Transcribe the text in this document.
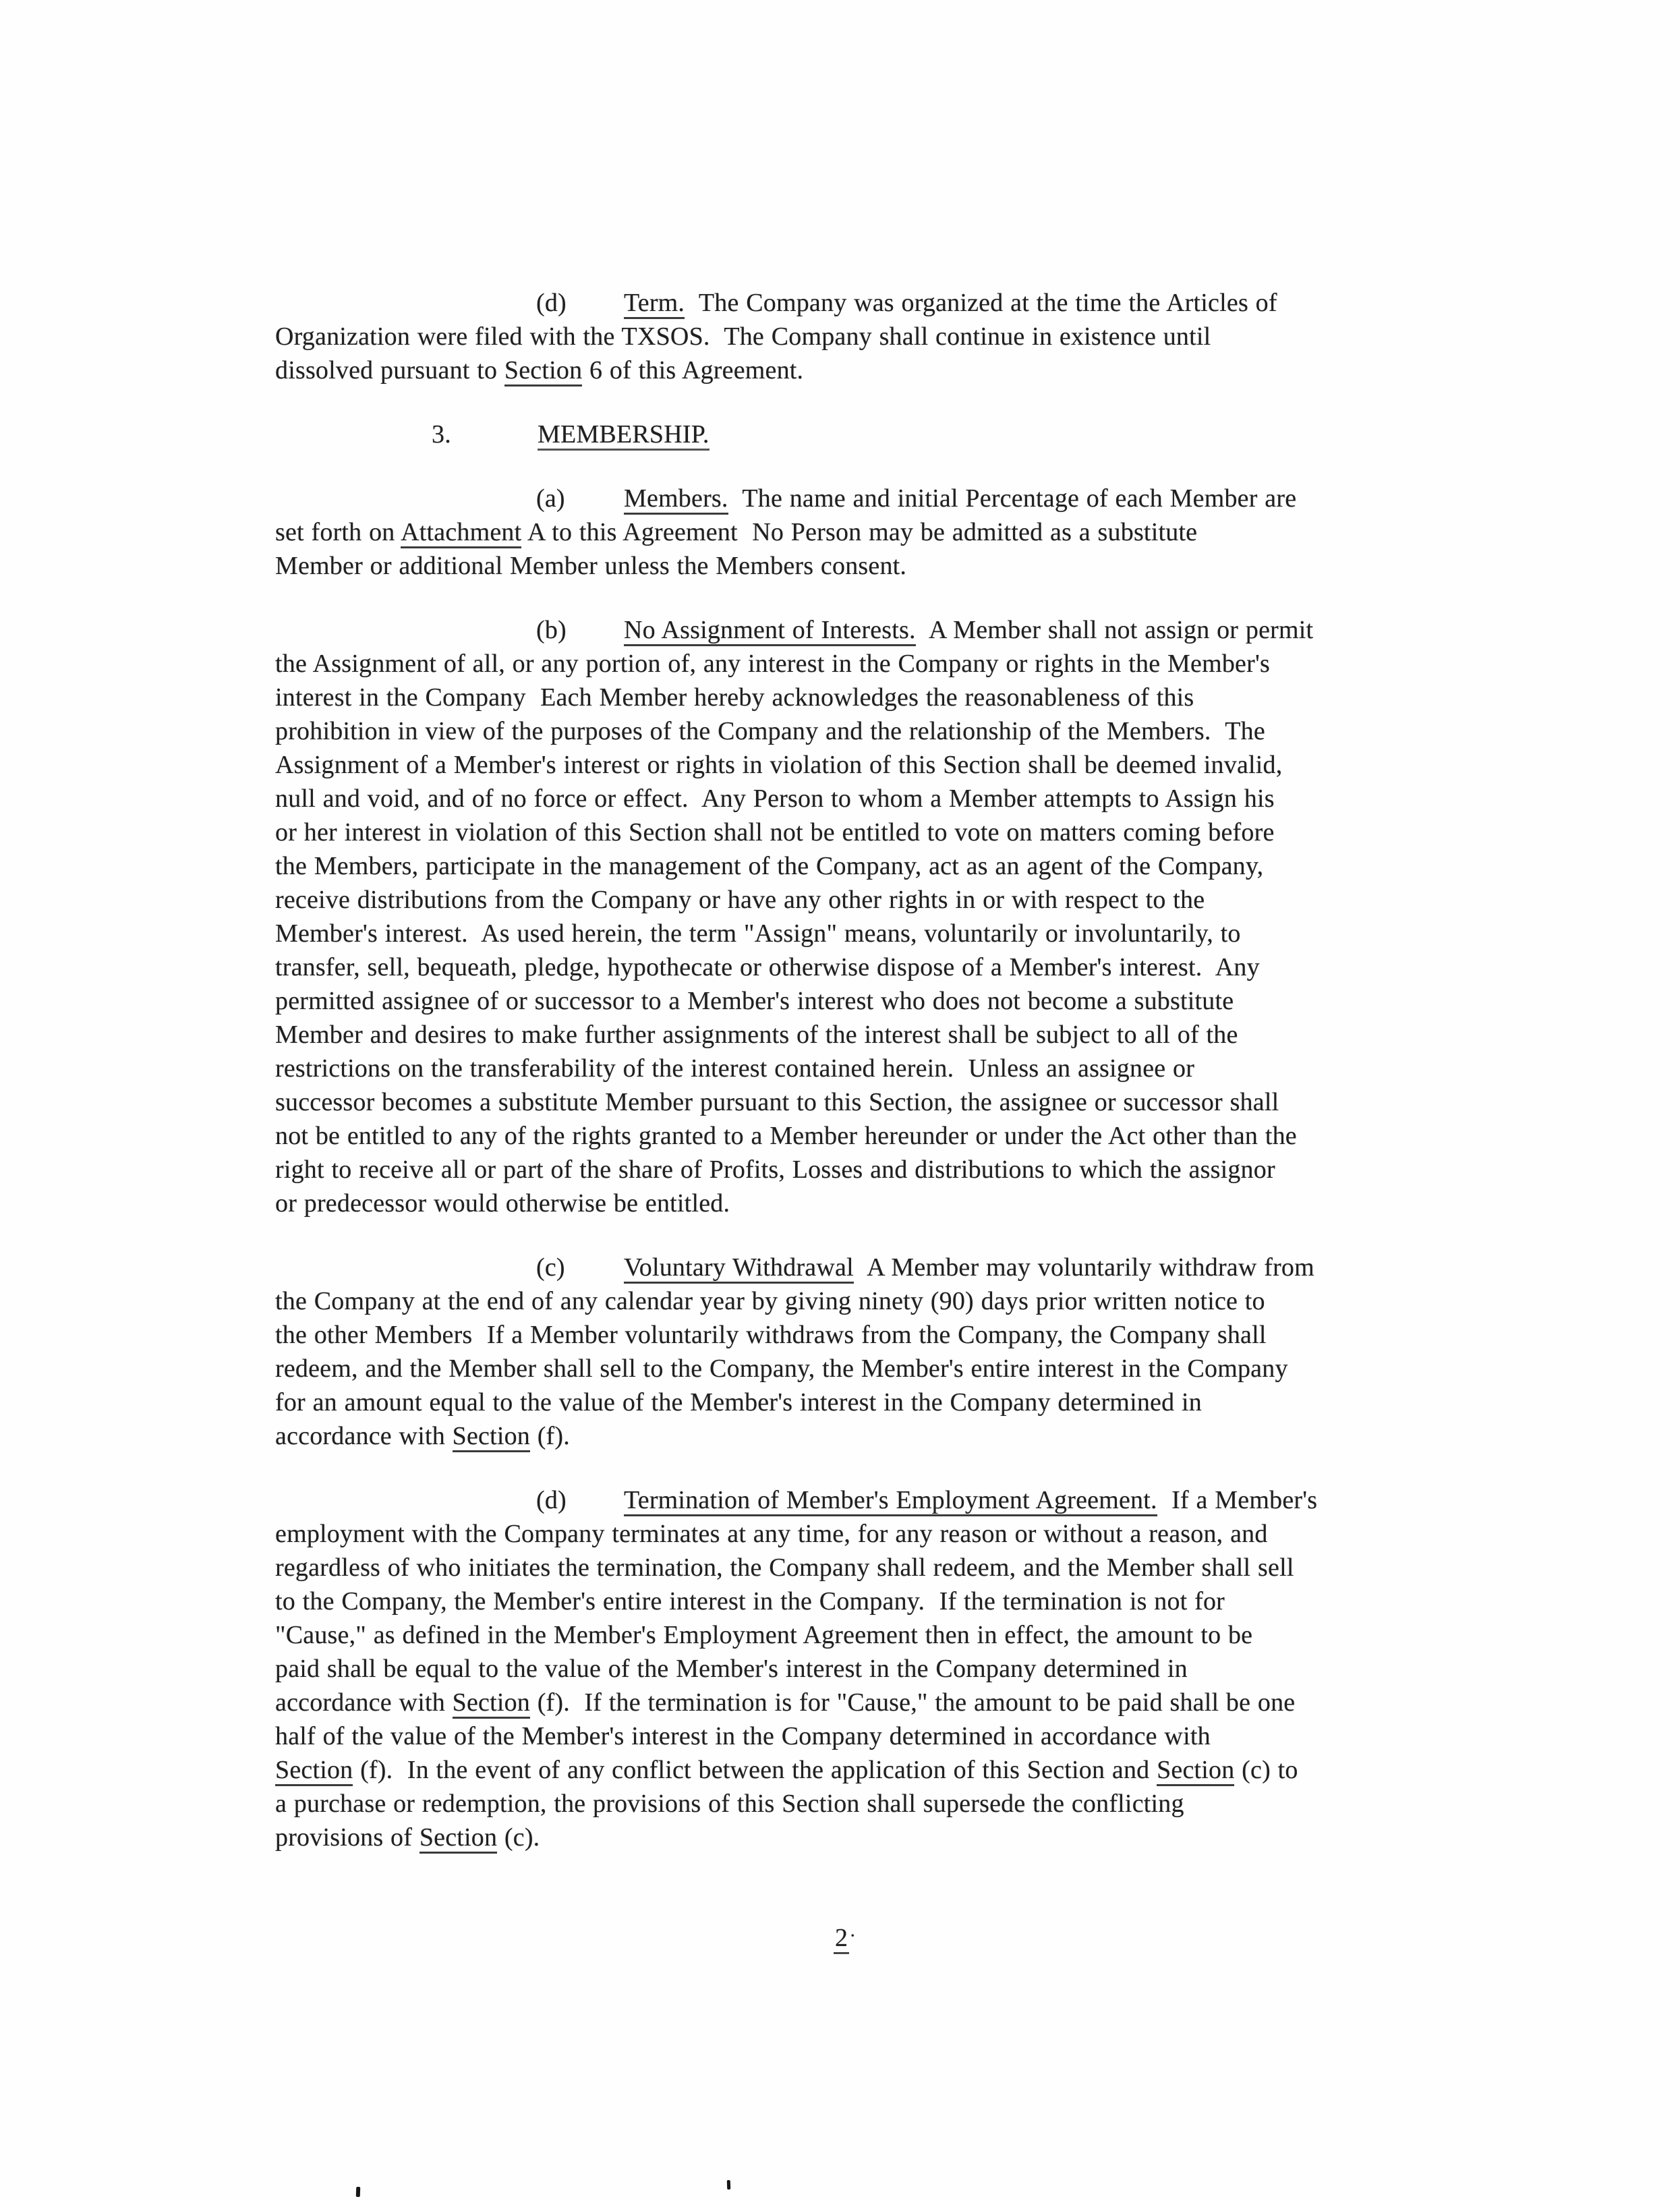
(d) Term.  The Company was organized at the time the Articles of
Organization were filed with the TXSOS.  The Company shall continue in existence until
dissolved pursuant to Section 6 of this Agreement.
3.	MEMBERSHIP.
(a) Members.  The name and initial Percentage of each Member are
set forth on Attachment A to this Agreement  No Person may be admitted as a substitute
Member or additional Member unless the Members consent.
(b) No Assignment of Interests.  A Member shall not assign or permit
the Assignment of all, or any portion of, any interest in the Company or rights in the Member's
interest in the Company  Each Member hereby acknowledges the reasonableness of this
prohibition in view of the purposes of the Company and the relationship of the Members.  The
Assignment of a Member's interest or rights in violation of this Section shall be deemed invalid,
null and void, and of no force or effect.  Any Person to whom a Member attempts to Assign his
or her interest in violation of this Section shall not be entitled to vote on matters coming before
the Members, participate in the management of the Company, act as an agent of the Company,
receive distributions from the Company or have any other rights in or with respect to the
Member's interest.  As used herein, the term "Assign" means, voluntarily or involuntarily, to
transfer, sell, bequeath, pledge, hypothecate or otherwise dispose of a Member's interest.  Any
permitted assignee of or successor to a Member's interest who does not become a substitute
Member and desires to make further assignments of the interest shall be subject to all of the
restrictions on the transferability of the interest contained herein.  Unless an assignee or
successor becomes a substitute Member pursuant to this Section, the assignee or successor shall
not be entitled to any of the rights granted to a Member hereunder or under the Act other than the
right to receive all or part of the share of Profits, Losses and distributions to which the assignor
or predecessor would otherwise be entitled.
(c) Voluntary Withdrawal  A Member may voluntarily withdraw from
the Company at the end of any calendar year by giving ninety (90) days prior written notice to
the other Members  If a Member voluntarily withdraws from the Company, the Company shall
redeem, and the Member shall sell to the Company, the Member's entire interest in the Company
for an amount equal to the value of the Member's interest in the Company determined in
accordance with Section (f).
(d) Termination of Member's Employment Agreement.  If a Member's
employment with the Company terminates at any time, for any reason or without a reason, and
regardless of who initiates the termination, the Company shall redeem, and the Member shall sell
to the Company, the Member's entire interest in the Company.  If the termination is not for
"Cause," as defined in the Member's Employment Agreement then in effect, the amount to be
paid shall be equal to the value of the Member's interest in the Company determined in
accordance with Section (f).  If the termination is for "Cause," the amount to be paid shall be one
half of the value of the Member's interest in the Company determined in accordance with
Section (f).  In the event of any conflict between the application of this Section and Section (c) to
a purchase or redemption, the provisions of this Section shall supersede the conflicting
provisions of Section (c).
2·
